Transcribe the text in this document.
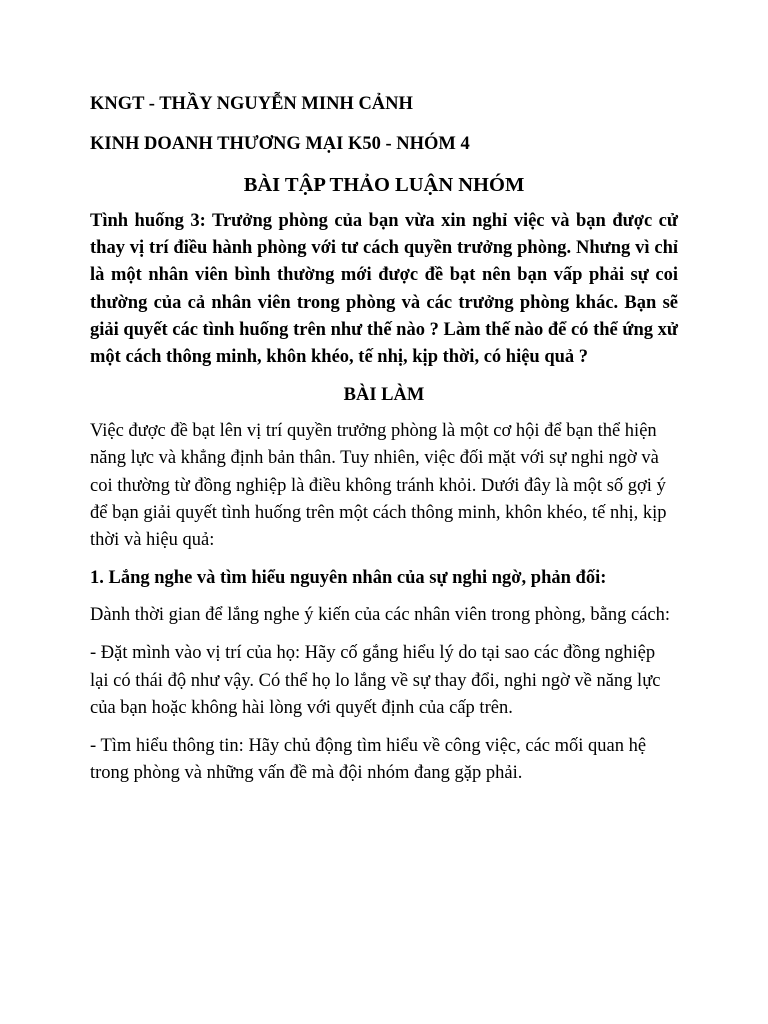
KNGT - THẦY NGUYỄN MINH CẢNH

KINH DOANH THƯƠNG MẠI K50 - NHÓM 4

BÀI TẬP THẢO LUẬN NHÓM

Tình huống 3: Trưởng phòng của bạn vừa xin nghỉ việc và bạn được cử thay vị trí điều hành phòng với tư cách quyền trưởng phòng. Nhưng vì chỉ là một nhân viên bình thường mới được đề bạt nên bạn vấp phải sự coi thường của cả nhân viên trong phòng và các trưởng phòng khác. Bạn sẽ giải quyết các tình huống trên như thế nào ? Làm thế nào để có thể ứng xử một cách thông minh, khôn khéo, tế nhị, kịp thời, có hiệu quả ?

BÀI LÀM

Việc được đề bạt lên vị trí quyền trưởng phòng là một cơ hội để bạn thể hiện năng lực và khẳng định bản thân. Tuy nhiên, việc đối mặt với sự nghi ngờ và coi thường từ đồng nghiệp là điều không tránh khỏi. Dưới đây là một số gợi ý để bạn giải quyết tình huống trên một cách thông minh, khôn khéo, tế nhị, kịp thời và hiệu quả:

1. Lắng nghe và tìm hiểu nguyên nhân của sự nghi ngờ, phản đối:

Dành thời gian để lắng nghe ý kiến của các nhân viên trong phòng, bằng cách:

- Đặt mình vào vị trí của họ: Hãy cố gắng hiểu lý do tại sao các đồng nghiệp lại có thái độ như vậy. Có thể họ lo lắng về sự thay đổi, nghi ngờ về năng lực của bạn hoặc không hài lòng với quyết định của cấp trên.

- Tìm hiểu thông tin: Hãy chủ động tìm hiểu về công việc, các mối quan hệ trong phòng và những vấn đề mà đội nhóm đang gặp phải.
